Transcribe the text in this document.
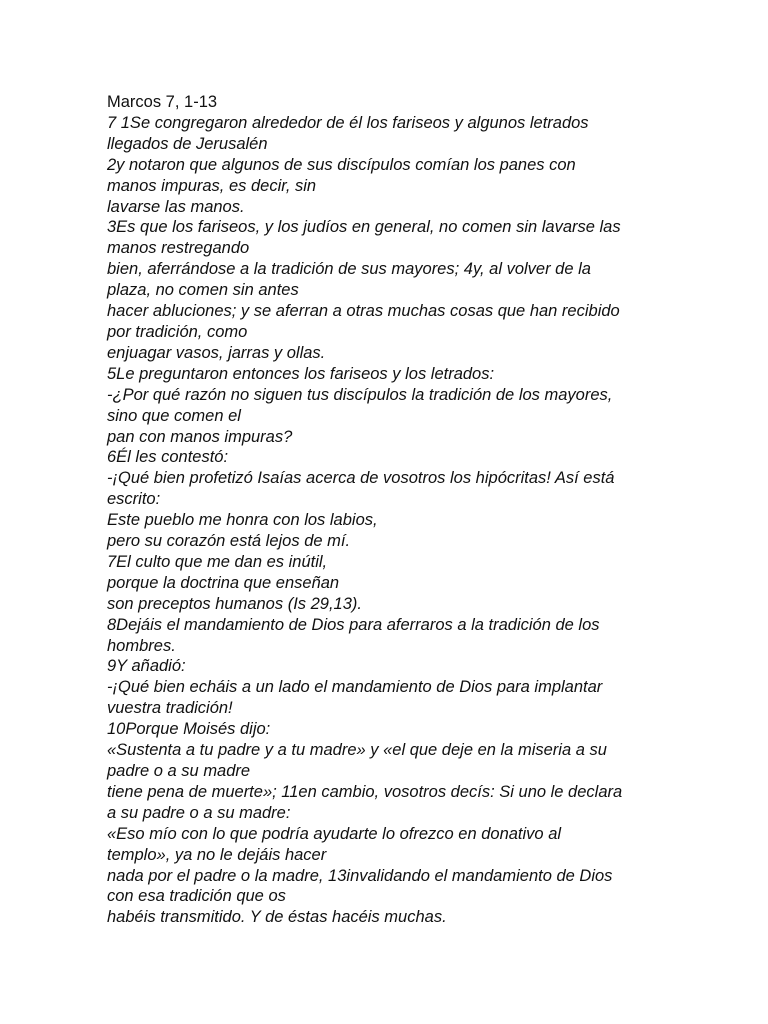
Marcos 7, 1-13
7 1Se congregaron alrededor de él los fariseos y algunos letrados
llegados de Jerusalén
2y notaron que algunos de sus discípulos comían los panes con
manos impuras, es decir, sin
lavarse las manos.
3Es que los fariseos, y los judíos en general, no comen sin lavarse las
manos restregando
bien, aferrándose a la tradición de sus mayores; 4y, al volver de la
plaza, no comen sin antes
hacer abluciones; y se aferran a otras muchas cosas que han recibido
por tradición, como
enjuagar vasos, jarras y ollas.
5Le preguntaron entonces los fariseos y los letrados:
-¿Por qué razón no siguen tus discípulos la tradición de los mayores,
sino que comen el
pan con manos impuras?
6Él les contestó:
-¡Qué bien profetizó Isaías acerca de vosotros los hipócritas! Así está
escrito:
Este pueblo me honra con los labios,
pero su corazón está lejos de mí.
7El culto que me dan es inútil,
porque la doctrina que enseñan
son preceptos humanos (Is 29,13).
8Dejáis el mandamiento de Dios para aferraros a la tradición de los
hombres.
9Y añadió:
-¡Qué bien echáis a un lado el mandamiento de Dios para implantar
vuestra tradición!
10Porque Moisés dijo:
«Sustenta a tu padre y a tu madre» y «el que deje en la miseria a su
padre o a su madre
tiene pena de muerte»; 11en cambio, vosotros decís: Si uno le declara
a su padre o a su madre:
«Eso mío con lo que podría ayudarte lo ofrezco en donativo al
templo», ya no le dejáis hacer
nada por el padre o la madre, 13invalidando el mandamiento de Dios
con esa tradición que os
habéis transmitido. Y de éstas hacéis muchas.
